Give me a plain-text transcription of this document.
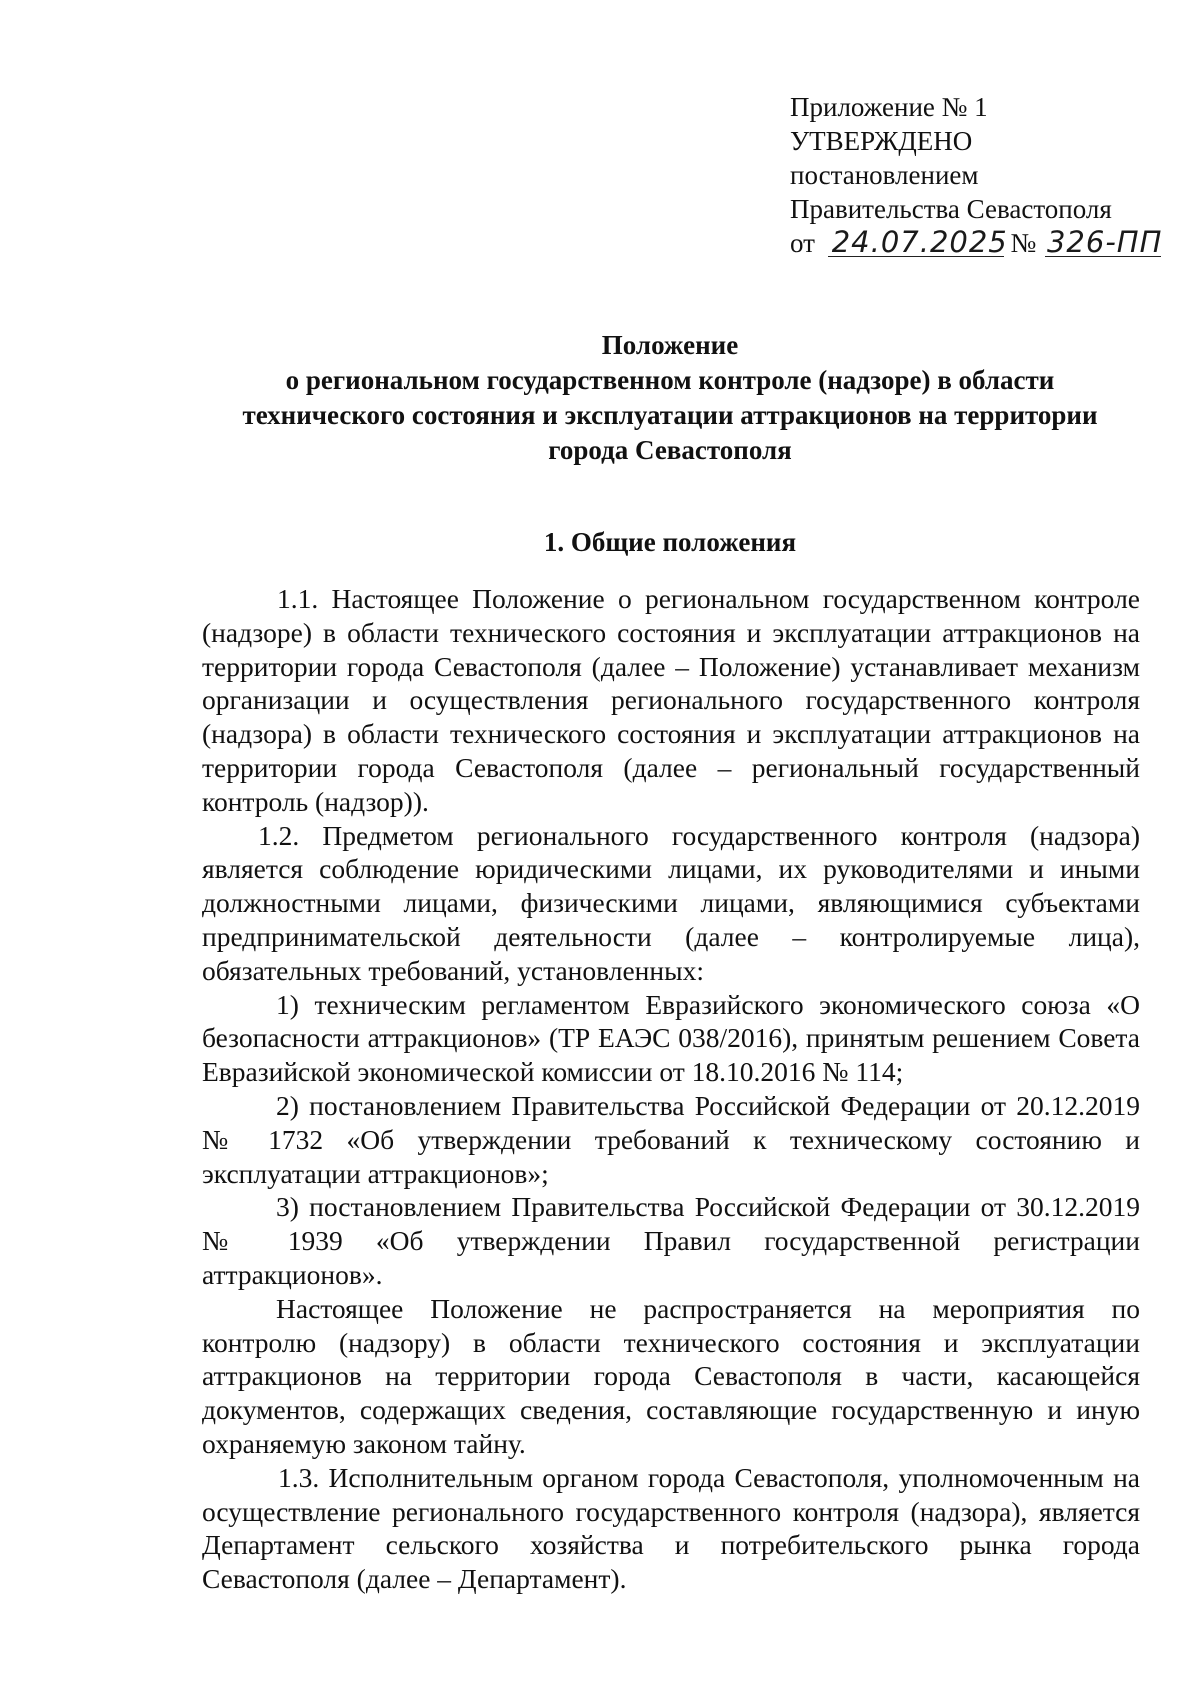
Приложение № 1
УТВЕРЖДЕНО
постановлением
Правительства Севастополя
от 24.07.2025 № 326-ПП
Положение
о региональном государственном контроле (надзоре) в области
технического состояния и эксплуатации аттракционов на территории
города Севастополя
1. Общие положения

1.1. Настоящее Положение о региональном государственном контроле (надзоре) в области технического состояния и эксплуатации аттракционов на территории города Севастополя (далее – Положение) устанавливает механизм организации и осуществления регионального государственного контроля (надзора) в области технического состояния и эксплуатации аттракционов на территории города Севастополя (далее – региональный государственный контроль (надзор)).

1.2. Предметом регионального государственного контроля (надзора) является соблюдение юридическими лицами, их руководителями и иными должностными лицами, физическими лицами, являющимися субъектами предпринимательской деятельности (далее – контролируемые лица), обязательных требований, установленных:

1) техническим регламентом Евразийского экономического союза «О безопасности аттракционов» (ТР ЕАЭС 038/2016), принятым решением Совета Евразийской экономической комиссии от 18.10.2016 № 114;

2) постановлением Правительства Российской Федерации от 20.12.2019 № 1732 «Об утверждении требований к техническому состоянию и эксплуатации аттракционов»;

3) постановлением Правительства Российской Федерации от 30.12.2019 № 1939 «Об утверждении Правил государственной регистрации аттракционов».

Настоящее Положение не распространяется на мероприятия по контролю (надзору) в области технического состояния и эксплуатации аттракционов на территории города Севастополя в части, касающейся документов, содержащих сведения, составляющие государственную и иную охраняемую законом тайну.

1.3. Исполнительным органом города Севастополя, уполномоченным на осуществление регионального государственного контроля (надзора), является Департамент сельского хозяйства и потребительского рынка города Севастополя (далее – Департамент).
